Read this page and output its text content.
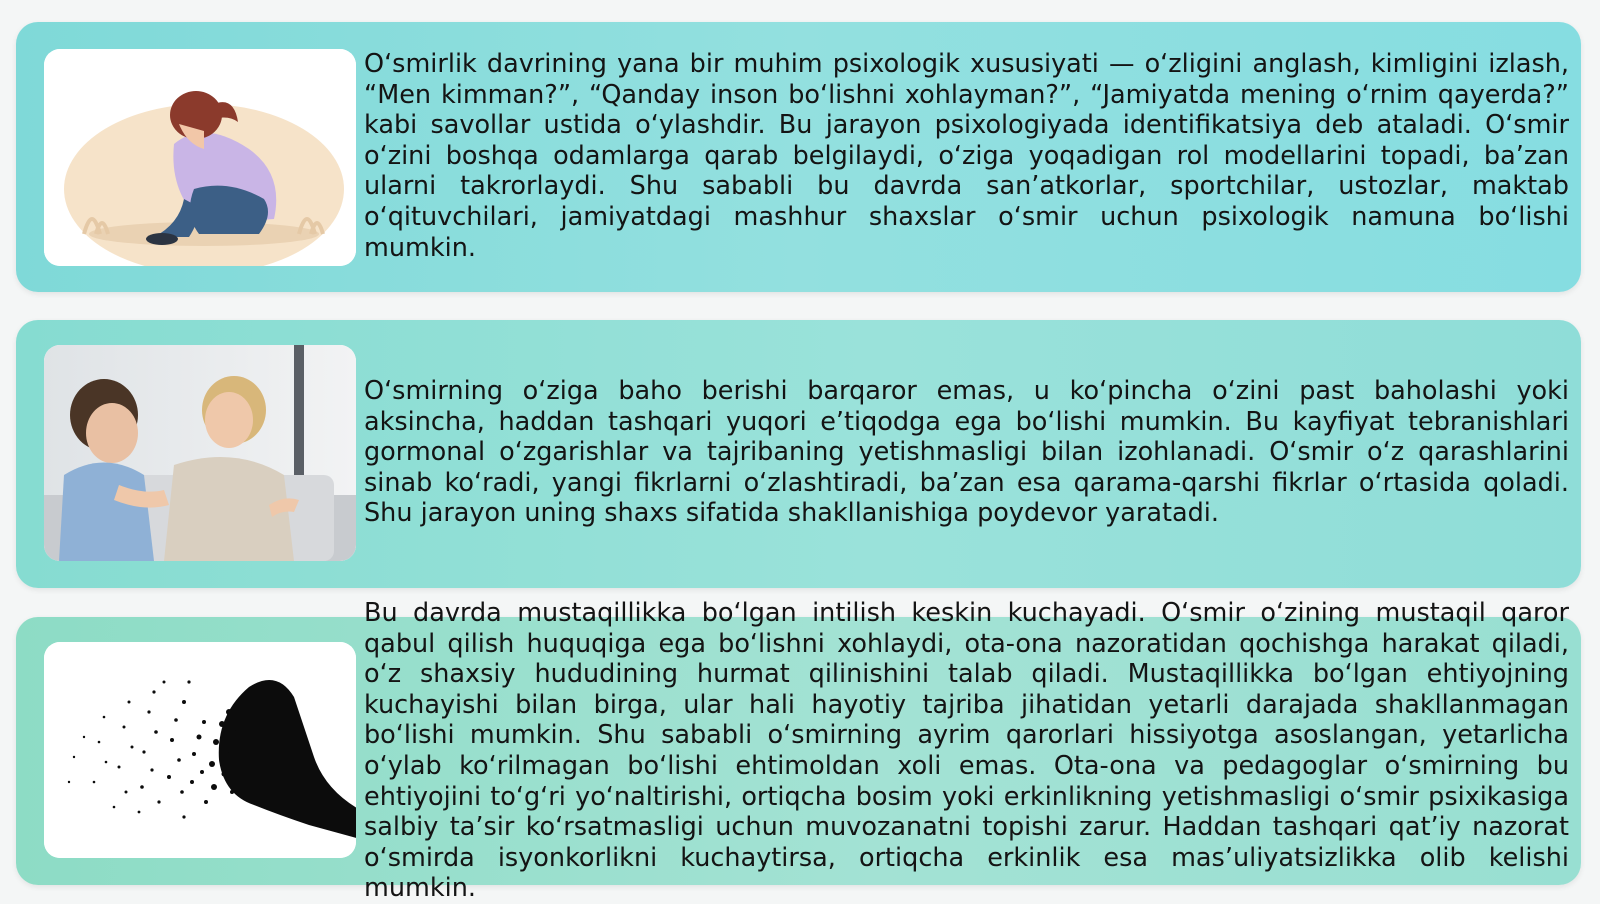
O‘smirlik davrining yana bir muhim psixologik xususiyati — o‘zligini anglash, kimligini izlash, “Men kimman?”, “Qanday inson bo‘lishni xohlayman?”, “Jamiyatda mening o‘rnim qayerda?” kabi savollar ustida o‘ylashdir. Bu jarayon psixologiyada identifikatsiya deb ataladi. O‘smir o‘zini boshqa odamlarga qarab belgilaydi, o‘ziga yoqadigan rol modellarini topadi, ba’zan ularni takrorlaydi. Shu sababli bu davrda san’atkorlar, sportchilar, ustozlar, maktab o‘qituvchilari, jamiyatdagi mashhur shaxslar o‘smir uchun psixologik namuna bo‘lishi mumkin.

O‘smirning o‘ziga baho berishi barqaror emas, u ko‘pincha o‘zini past baholashi yoki aksincha, haddan tashqari yuqori e’tiqodga ega bo‘lishi mumkin. Bu kayfiyat tebranishlari gormonal o‘zgarishlar va tajribaning yetishmasligi bilan izohlanadi. O‘smir o‘z qarashlarini sinab ko‘radi, yangi fikrlarni o‘zlashtiradi, ba’zan esa qarama-qarshi fikrlar o‘rtasida qoladi. Shu jarayon uning shaxs sifatida shakllanishiga poydevor yaratadi.

Bu davrda mustaqillikka bo‘lgan intilish keskin kuchayadi. O‘smir o‘zining mustaqil qaror qabul qilish huquqiga ega bo‘lishni xohlaydi, ota-ona nazoratidan qochishga harakat qiladi, o‘z shaxsiy hududining hurmat qilinishini talab qiladi. Mustaqillikka bo‘lgan ehtiyojning kuchayishi bilan birga, ular hali hayotiy tajriba jihatidan yetarli darajada shakllanmagan bo‘lishi mumkin. Shu sababli o‘smirning ayrim qarorlari hissiyotga asoslangan, yetarlicha o‘ylab ko‘rilmagan bo‘lishi ehtimoldan xoli emas. Ota-ona va pedagoglar o‘smirning bu ehtiyojini to‘g‘ri yo‘naltirishi, ortiqcha bosim yoki erkinlikning yetishmasligi o‘smir psixikasiga salbiy ta’sir ko‘rsatmasligi uchun muvozanatni topishi zarur. Haddan tashqari qat’iy nazorat o‘smirda isyonkorlikni kuchaytirsa, ortiqcha erkinlik esa mas’uliyatsizlikka olib kelishi mumkin.
